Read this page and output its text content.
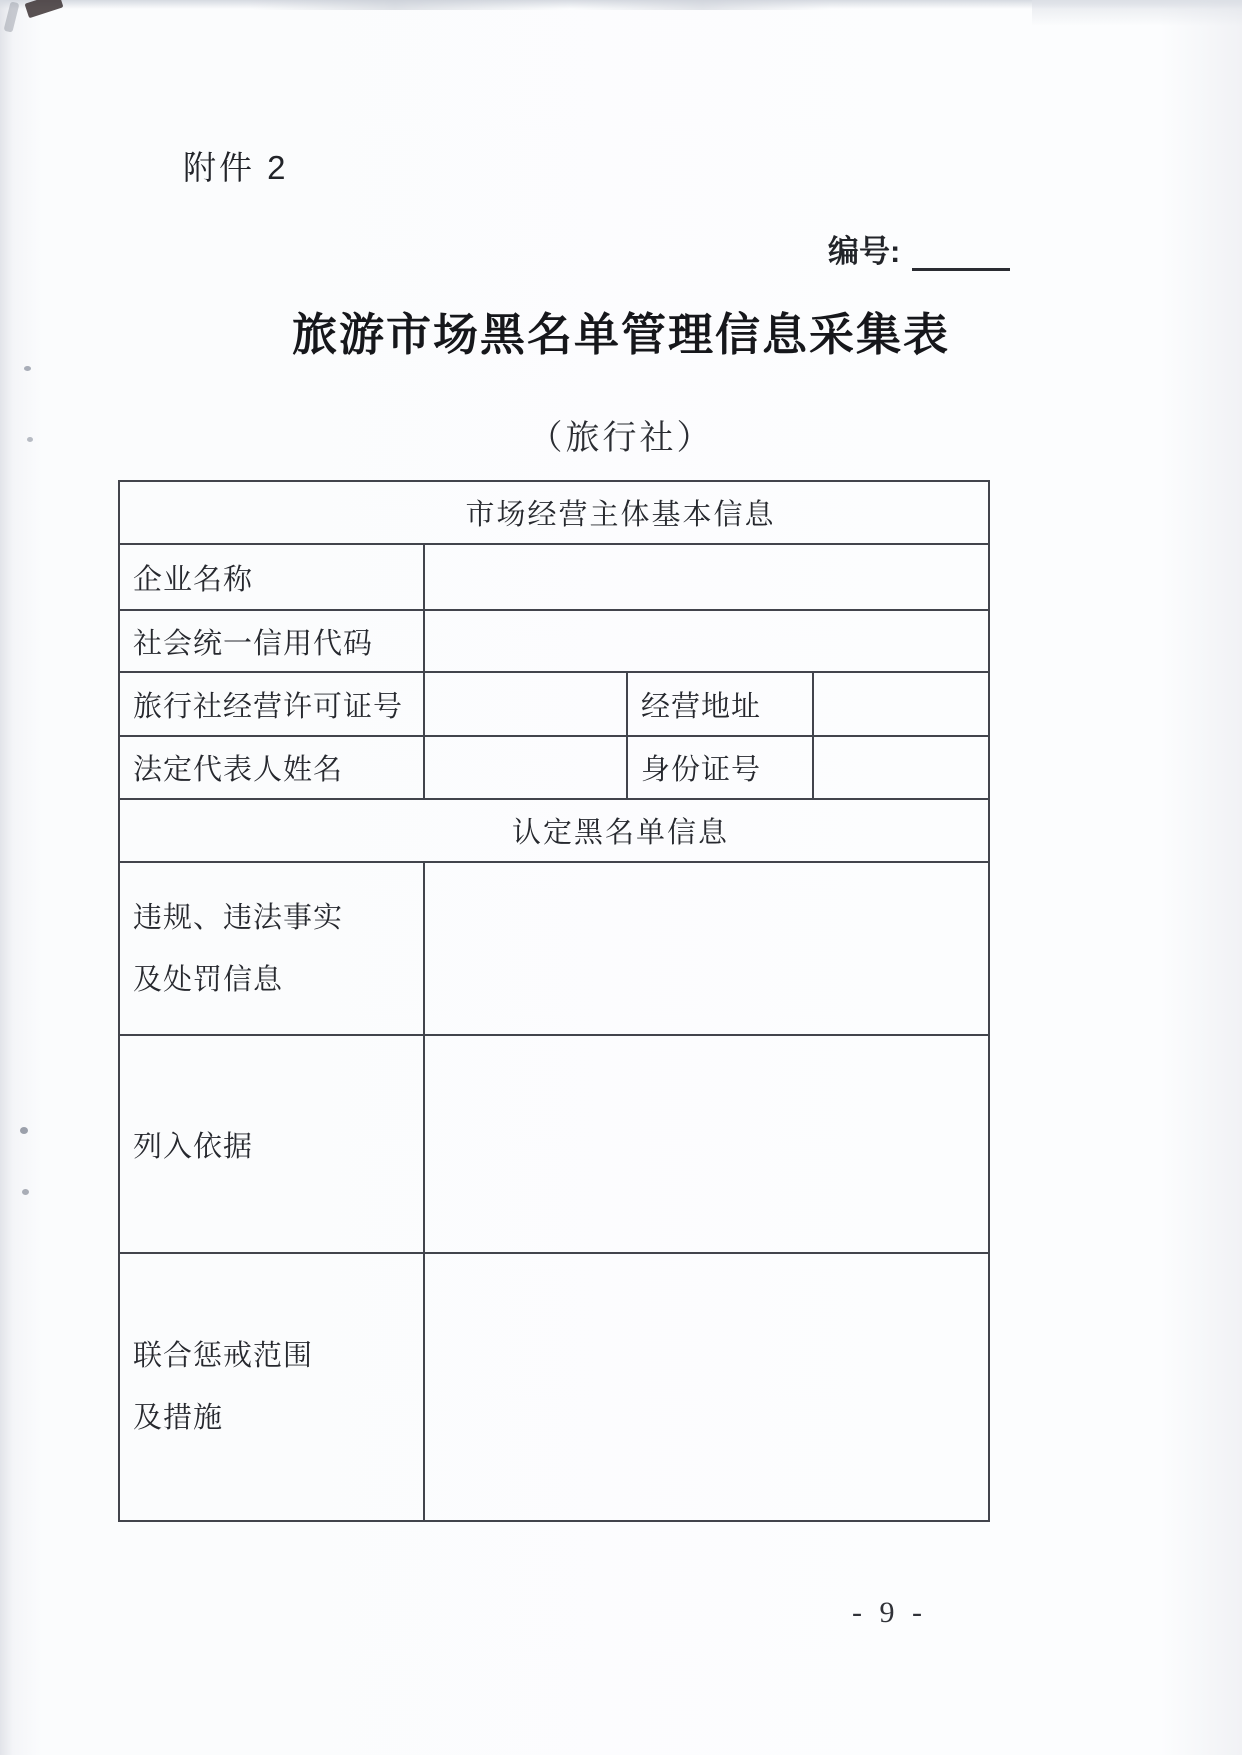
附件 2
编号:
旅游市场黑名单管理信息采集表
（旅行社）
市场经营主体基本信息			
企业名称			
社会统一信用代码			
旅行社经营许可证号		经营地址	
法定代表人姓名		身份证号	
认定黑名单信息			

违规、违法事实
及处罚信息			

列入依据			

联合惩戒范围
及措施			

- 9 -
